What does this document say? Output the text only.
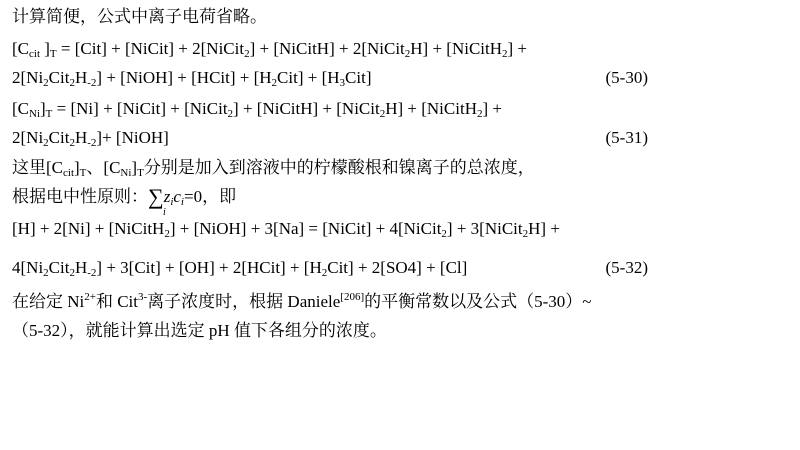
计算简便，公式中离子电荷省略。
[$C_{cit}$ ]$_T = [Cit]$ + [NiCit] + 2[NiCit$_2$] + [NiCitH] + 2[NiCit$_2$H] + [NiCitH$_2$] +
$2[Ni_2Cit_2H_{-2}]$ + [NiOH] + [HCit] + $[H_2Cit] + [H_3Cit]$	(5-30)
$[C_{Ni}]_T = [Ni]$ + [NiCit] + [NiCit$_2$] + [NiCitH] + [NiCit$_2$H] + [NiCitH$_2$] +
$2[Ni_2Cit_2H_{-2}]+$ [NiOH]	(5-31)
这里$[C_{cit}]_T$、$[C_{Ni}]_T$分别是加入到溶液中的柠檬酸根和镍离子的总浓度，
根据电中性原则：$\sum z_ic_i=0$，即
i
[H] + 2[Ni] + [NiCitH$_2$] + [NiOH] + 3[Na] = [NiCit] + 4[NiCit$_2$] + 3[NiCit$_2$H] +
$4[Ni_2Cit_2H_{-2}] + 3[Cit] + [OH]$ + 2[HCit] + $[H_2Cit] + 2[SO4] + [Cl]$	(5-32)
在给定 $Ni^{2+}$和 Cit$^{3-}$离子浓度时，根据 Daniele[206]的平衡常数以及公式（5-30）~
（5-32），就能计算出选定 pH 值下各组分的浓度。
